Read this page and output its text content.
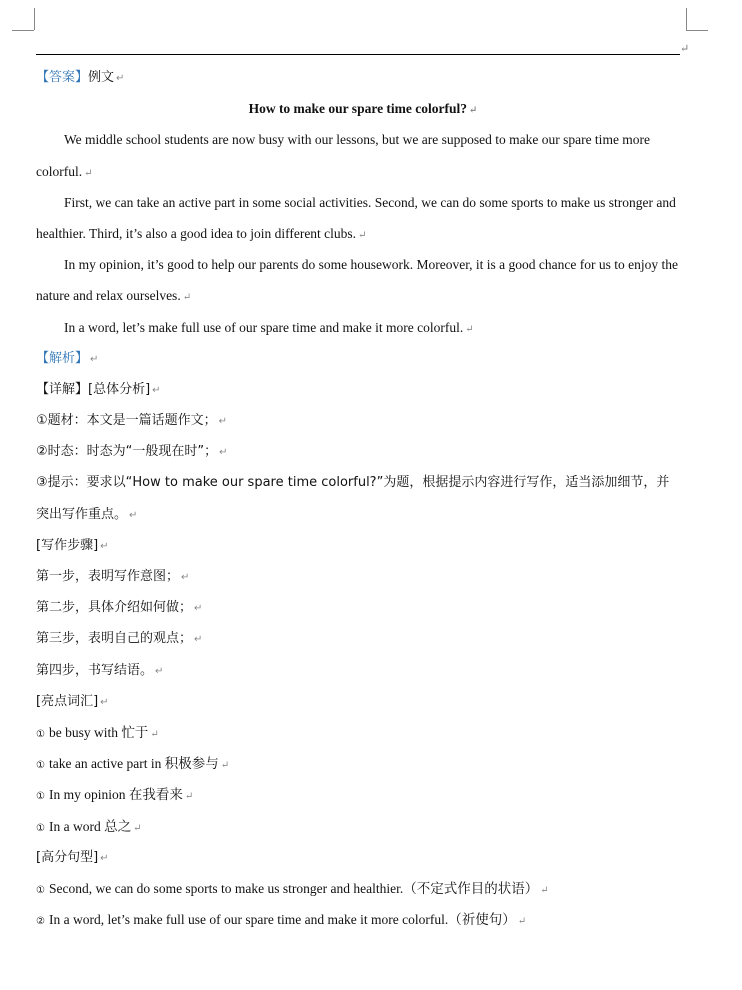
↵
【答案】例文 ↵
How to make our spare time colorful? ↵
We middle school students are now busy with our lessons, but we are supposed to make our spare time more
colorful. ↵
First, we can take an active part in some social activities. Second, we can do some sports to make us stronger and
healthier. Third, it’s also a good idea to join different clubs. ↵
In my opinion, it’s good to help our parents do some housework. Moreover, it is a good chance for us to enjoy the
nature and relax ourselves. ↵
In a word, let’s make full use of our spare time and make it more colorful. ↵
【解析】 ↵
【详解】[总体分析] ↵
①题材：本文是一篇话题作文； ↵
②时态：时态为“一般现在时”； ↵
③提示：要求以“How to make our spare time colorful?”为题，根据提示内容进行写作，适当添加细节，并
突出写作重点。 ↵
[写作步骤] ↵
第一步，表明写作意图； ↵
第二步，具体介绍如何做； ↵
第三步，表明自己的观点； ↵
第四步，书写结语。 ↵
[亮点词汇] ↵
① be busy with 忙于 ↵
① take an active part in 积极参与 ↵
① In my opinion 在我看来 ↵
① In a word 总之 ↵
[高分句型] ↵
① Second, we can do some sports to make us stronger and healthier.（不定式作目的状语） ↵
② In a word, let’s make full use of our spare time and make it more colorful.（祈使句） ↵
